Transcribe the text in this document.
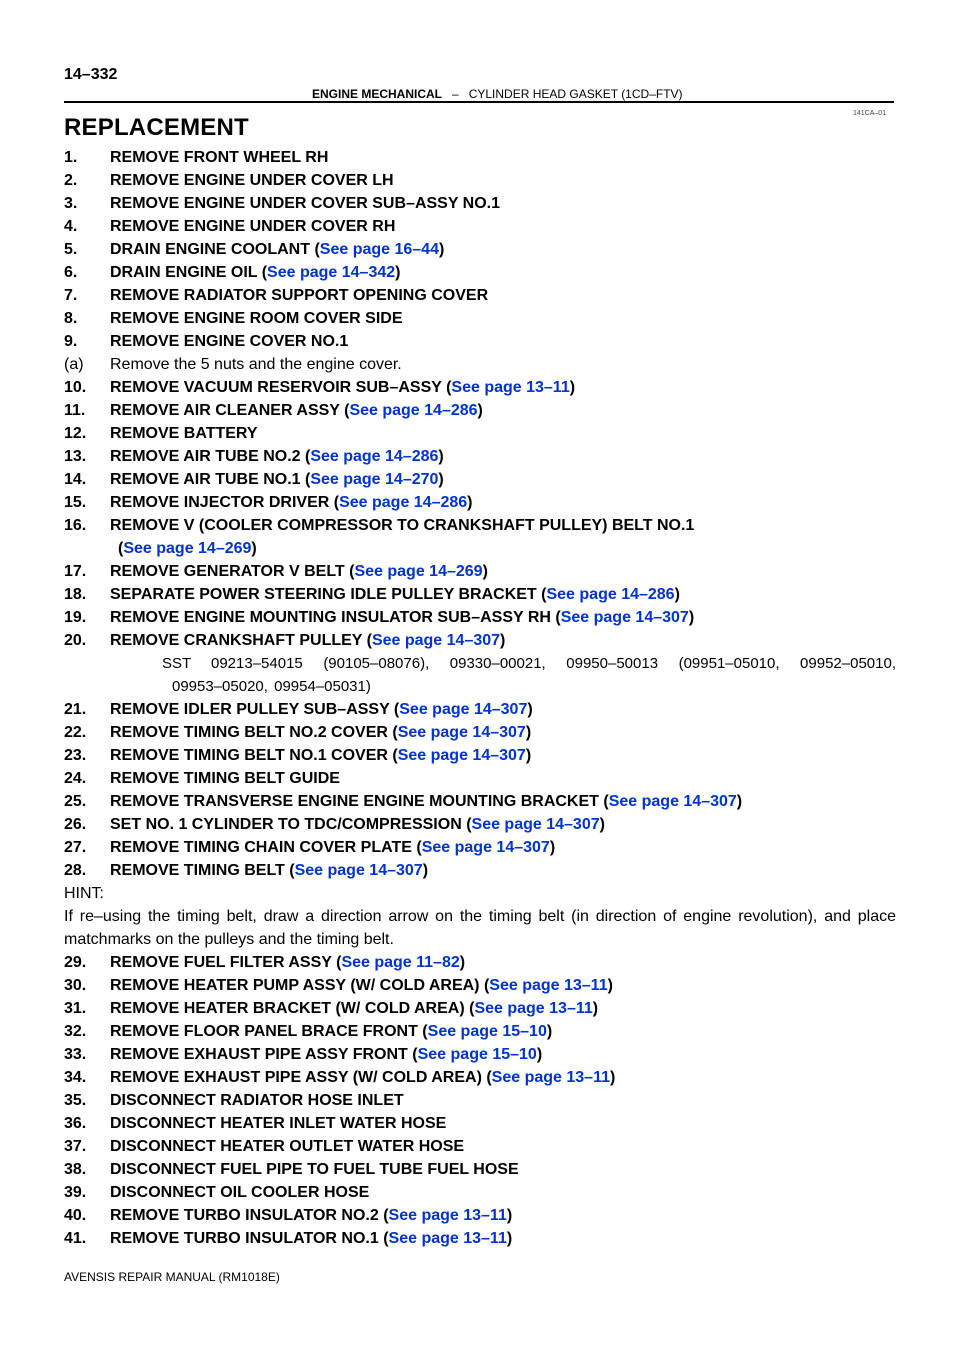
14–332
ENGINE MECHANICAL – CYLINDER HEAD GASKET (1CD–FTV)
141CA–01
REPLACEMENT
1. REMOVE FRONT WHEEL RH
2. REMOVE ENGINE UNDER COVER LH
3. REMOVE ENGINE UNDER COVER SUB–ASSY NO.1
4. REMOVE ENGINE UNDER COVER RH
5. DRAIN ENGINE COOLANT (See page 16–44)
6. DRAIN ENGINE OIL (See page 14–342)
7. REMOVE RADIATOR SUPPORT OPENING COVER
8. REMOVE ENGINE ROOM COVER SIDE
9. REMOVE ENGINE COVER NO.1
(a) Remove the 5 nuts and the engine cover.
10. REMOVE VACUUM RESERVOIR SUB–ASSY (See page 13–11)
11. REMOVE AIR CLEANER ASSY (See page 14–286)
12. REMOVE BATTERY
13. REMOVE AIR TUBE NO.2 (See page 14–286)
14. REMOVE AIR TUBE NO.1 (See page 14–270)
15. REMOVE INJECTOR DRIVER (See page 14–286)
16. REMOVE V (COOLER COMPRESSOR TO CRANKSHAFT PULLEY) BELT NO.1
(See page 14–269)
17. REMOVE GENERATOR V BELT (See page 14–269)
18. SEPARATE POWER STEERING IDLE PULLEY BRACKET (See page 14–286)
19. REMOVE ENGINE MOUNTING INSULATOR SUB–ASSY RH (See page 14–307)
20. REMOVE CRANKSHAFT PULLEY (See page 14–307)
SST 09213–54015 (90105–08076), 09330–00021, 09950–50013 (09951–05010, 09952–05010,
09953–05020, 09954–05031)
21. REMOVE IDLER PULLEY SUB–ASSY (See page 14–307)
22. REMOVE TIMING BELT NO.2 COVER (See page 14–307)
23. REMOVE TIMING BELT NO.1 COVER (See page 14–307)
24. REMOVE TIMING BELT GUIDE
25. REMOVE TRANSVERSE ENGINE ENGINE MOUNTING BRACKET (See page 14–307)
26. SET NO. 1 CYLINDER TO TDC/COMPRESSION (See page 14–307)
27. REMOVE TIMING CHAIN COVER PLATE (See page 14–307)
28. REMOVE TIMING BELT (See page 14–307)
HINT:
If re–using the timing belt, draw a direction arrow on the timing belt (in direction of engine revolution), and place matchmarks on the pulleys and the timing belt.
29. REMOVE FUEL FILTER ASSY (See page 11–82)
30. REMOVE HEATER PUMP ASSY (W/ COLD AREA) (See page 13–11)
31. REMOVE HEATER BRACKET (W/ COLD AREA) (See page 13–11)
32. REMOVE FLOOR PANEL BRACE FRONT (See page 15–10)
33. REMOVE EXHAUST PIPE ASSY FRONT (See page 15–10)
34. REMOVE EXHAUST PIPE ASSY (W/ COLD AREA) (See page 13–11)
35. DISCONNECT RADIATOR HOSE INLET
36. DISCONNECT HEATER INLET WATER HOSE
37. DISCONNECT HEATER OUTLET WATER HOSE
38. DISCONNECT FUEL PIPE TO FUEL TUBE FUEL HOSE
39. DISCONNECT OIL COOLER HOSE
40. REMOVE TURBO INSULATOR NO.2 (See page 13–11)
41. REMOVE TURBO INSULATOR NO.1 (See page 13–11)
AVENSIS REPAIR MANUAL (RM1018E)
